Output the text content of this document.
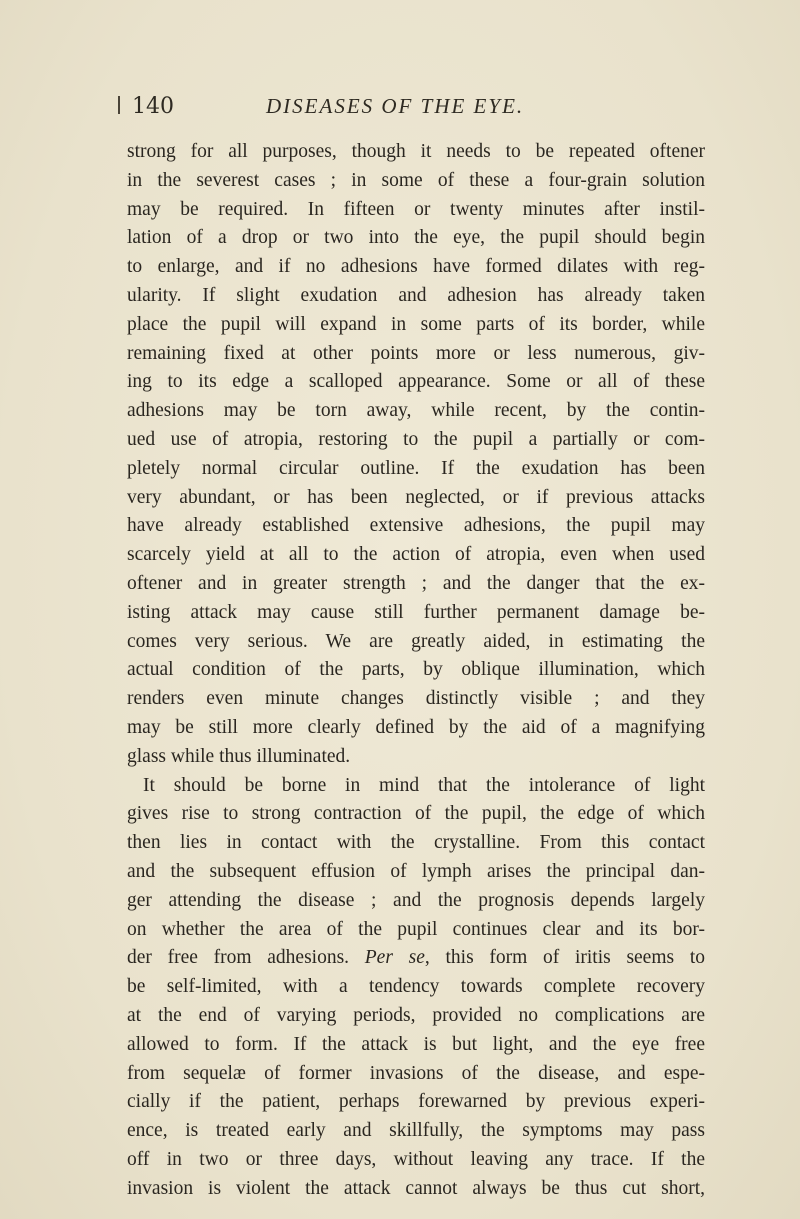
140	DISEASES OF THE EYE.
strong for all purposes, though it needs to be repeated oftener
in the severest cases ; in some of these a four-grain solution
may be required. In fifteen or twenty minutes after instil-
lation of a drop or two into the eye, the pupil should begin
to enlarge, and if no adhesions have formed dilates with reg-
ularity. If slight exudation and adhesion has already taken
place the pupil will expand in some parts of its border, while
remaining fixed at other points more or less numerous, giv-
ing to its edge a scalloped appearance. Some or all of these
adhesions may be torn away, while recent, by the contin-
ued use of atropia, restoring to the pupil a partially or com-
pletely normal circular outline. If the exudation has been
very abundant, or has been neglected, or if previous attacks
have already established extensive adhesions, the pupil may
scarcely yield at all to the action of atropia, even when used
oftener and in greater strength ; and the danger that the ex-
isting attack may cause still further permanent damage be-
comes very serious. We are greatly aided, in estimating the
actual condition of the parts, by oblique illumination, which
renders even minute changes distinctly visible ; and they
may be still more clearly defined by the aid of a magnifying
glass while thus illuminated.
It should be borne in mind that the intolerance of light
gives rise to strong contraction of the pupil, the edge of which
then lies in contact with the crystalline. From this contact
and the subsequent effusion of lymph arises the principal dan-
ger attending the disease ; and the prognosis depends largely
on whether the area of the pupil continues clear and its bor-
der free from adhesions. Per se, this form of iritis seems to
be self-limited, with a tendency towards complete recovery
at the end of varying periods, provided no complications are
allowed to form. If the attack is but light, and the eye free
from sequelæ of former invasions of the disease, and espe-
cially if the patient, perhaps forewarned by previous experi-
ence, is treated early and skillfully, the symptoms may pass
off in two or three days, without leaving any trace. If the
invasion is violent the attack cannot always be thus cut short,
